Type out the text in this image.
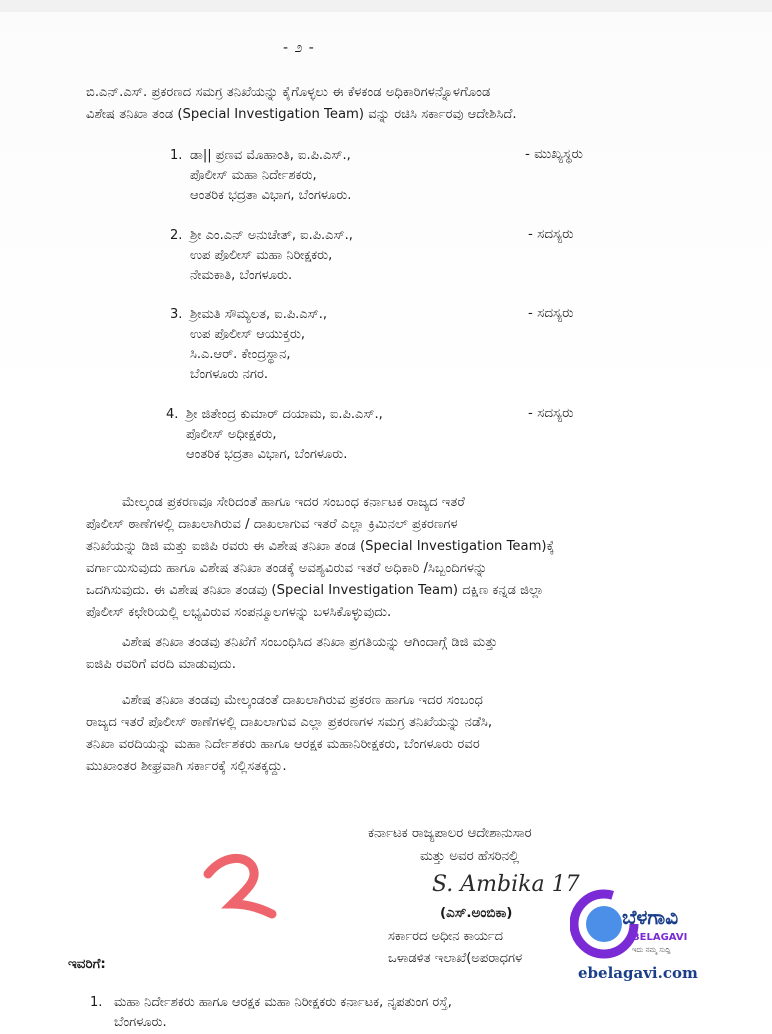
- ೨ -
ಬಿ.ಎನ್.ಎಸ್. ಪ್ರಕರಣದ ಸಮಗ್ರ ತನಿಖೆಯನ್ನು ಕೈಗೊಳ್ಳಲು ಈ ಕೆಳಕಂಡ ಅಧಿಕಾರಿಗಳನ್ನೊಳಗೊಂಡ
ವಿಶೇಷ ತನಿಖಾ ತಂಡ (Special Investigation Team) ವನ್ನು ರಚಿಸಿ ಸರ್ಕಾರವು ಆದೇಶಿಸಿದೆ.
1. ಡಾ|| ಪ್ರಣವ ಮೊಹಾಂತಿ, ಐ.ಪಿ.ಎಸ್.,
ಪೊಲೀಸ್ ಮಹಾ ನಿರ್ದೇಶಕರು,
ಆಂತರಿಕ ಭದ್ರತಾ ವಿಭಾಗ, ಬೆಂಗಳೂರು.
- ಮುಖ್ಯಸ್ಥರು
2. ಶ್ರೀ ಎಂ.ಎನ್ ಅನುಚೇತ್, ಐ.ಪಿ.ಎಸ್.,
ಉಪ ಪೊಲೀಸ್ ಮಹಾ ನಿರೀಕ್ಷಕರು,
ನೇಮಕಾತಿ, ಬೆಂಗಳೂರು.
- ಸದಸ್ಯರು
3. ಶ್ರೀಮತಿ ಸೌಮ್ಯಲತ, ಐ.ಪಿ.ಎಸ್.,
ಉಪ ಪೊಲೀಸ್ ಆಯುಕ್ತರು,
ಸಿ.ಎ.ಆರ್. ಕೇಂದ್ರಸ್ಥಾನ,
ಬೆಂಗಳೂರು ನಗರ.
- ಸದಸ್ಯರು
4. ಶ್ರೀ ಜಿತೇಂದ್ರ ಕುಮಾರ್ ದಯಾಮ, ಐ.ಪಿ.ಎಸ್.,
ಪೊಲೀಸ್ ಅಧೀಕ್ಷಕರು,
ಆಂತರಿಕ ಭದ್ರತಾ ವಿಭಾಗ, ಬೆಂಗಳೂರು.
- ಸದಸ್ಯರು
ಮೇಲ್ಕಂಡ ಪ್ರಕರಣವೂ ಸೇರಿದಂತೆ ಹಾಗೂ ಇದರ ಸಂಬಂಧ ಕರ್ನಾಟಕ ರಾಜ್ಯದ ಇತರೆ
ಪೊಲೀಸ್ ಠಾಣೆಗಳಲ್ಲಿ ದಾಖಲಾಗಿರುವ / ದಾಖಲಾಗುವ ಇತರೆ ಎಲ್ಲಾ ಕ್ರಿಮಿನಲ್ ಪ್ರಕರಣಗಳ
ತನಿಖೆಯನ್ನು ಡಿಜಿ ಮತ್ತು ಐಜಿಪಿ ರವರು ಈ ವಿಶೇಷ ತನಿಖಾ ತಂಡ (Special Investigation Team)ಕ್ಕೆ
ವರ್ಗಾಯಿಸುವುದು ಹಾಗೂ ವಿಶೇಷ ತನಿಖಾ ತಂಡಕ್ಕೆ ಅವಶ್ಯವಿರುವ ಇತರೆ ಅಧಿಕಾರಿ /ಸಿಬ್ಬಂದಿಗಳನ್ನು
ಒದಗಿಸುವುದು. ಈ ವಿಶೇಷ ತನಿಖಾ ತಂಡವು (Special Investigation Team) ದಕ್ಷಿಣ ಕನ್ನಡ ಜಿಲ್ಲಾ
ಪೊಲೀಸ್ ಕಛೇರಿಯಲ್ಲಿ ಲಭ್ಯವಿರುವ ಸಂಪನ್ಮೂಲಗಳನ್ನು ಬಳಸಿಕೊಳ್ಳುವುದು.
ವಿಶೇಷ ತನಿಖಾ ತಂಡವು ತನಿಖೆಗೆ ಸಂಬಂಧಿಸಿದ ತನಿಖಾ ಪ್ರಗತಿಯನ್ನು ಆಗಿಂದಾಗ್ಗೆ ಡಿಜಿ ಮತ್ತು
ಐಜಿಪಿ ರವರಿಗೆ ವರದಿ ಮಾಡುವುದು.
ವಿಶೇಷ ತನಿಖಾ ತಂಡವು ಮೇಲ್ಕಂಡಂತೆ ದಾಖಲಾಗಿರುವ ಪ್ರಕರಣ ಹಾಗೂ ಇದರ ಸಂಬಂಧ
ರಾಜ್ಯದ ಇತರೆ ಪೊಲೀಸ್ ಠಾಣೆಗಳಲ್ಲಿ ದಾಖಲಾಗುವ ಎಲ್ಲಾ ಪ್ರಕರಣಗಳ ಸಮಗ್ರ ತನಿಖೆಯನ್ನು ನಡೆಸಿ,
ತನಿಖಾ ವರದಿಯನ್ನು ಮಹಾ ನಿರ್ದೇಶಕರು ಹಾಗೂ ಆರಕ್ಷಕ ಮಹಾನಿರೀಕ್ಷಕರು, ಬೆಂಗಳೂರು ರವರ
ಮುಖಾಂತರ ಶೀಘ್ರವಾಗಿ ಸರ್ಕಾರಕ್ಕೆ ಸಲ್ಲಿಸತಕ್ಕದ್ದು.
ಕರ್ನಾಟಕ ರಾಜ್ಯಪಾಲರ ಆದೇಶಾನುಸಾರ
ಮತ್ತು ಅವರ ಹೆಸರಿನಲ್ಲಿ
S. Ambika 17
(ಎಸ್.ಅಂಬಿಕಾ)
ಸರ್ಕಾರದ ಅಧೀನ ಕಾರ್ಯದ
ಒಳಾಡಳಿತ ಇಲಾಖೆ(ಅಪರಾಧಗಳ
ಇವರಿಗೆ:
1. ಮಹಾ ನಿರ್ದೇಶಕರು ಹಾಗೂ ಆರಕ್ಷಕ ಮಹಾ ನಿರೀಕ್ಷಕರು ಕರ್ನಾಟಕ, ನೃಪತುಂಗ ರಸ್ತೆ,
ಬೆಂಗಳೂರು.
ಬೆಳಗಾವಿ
BELAGAVI
ಇದು ನಮ್ಮ ಸುದ್ದಿ
ebelagavi.com
